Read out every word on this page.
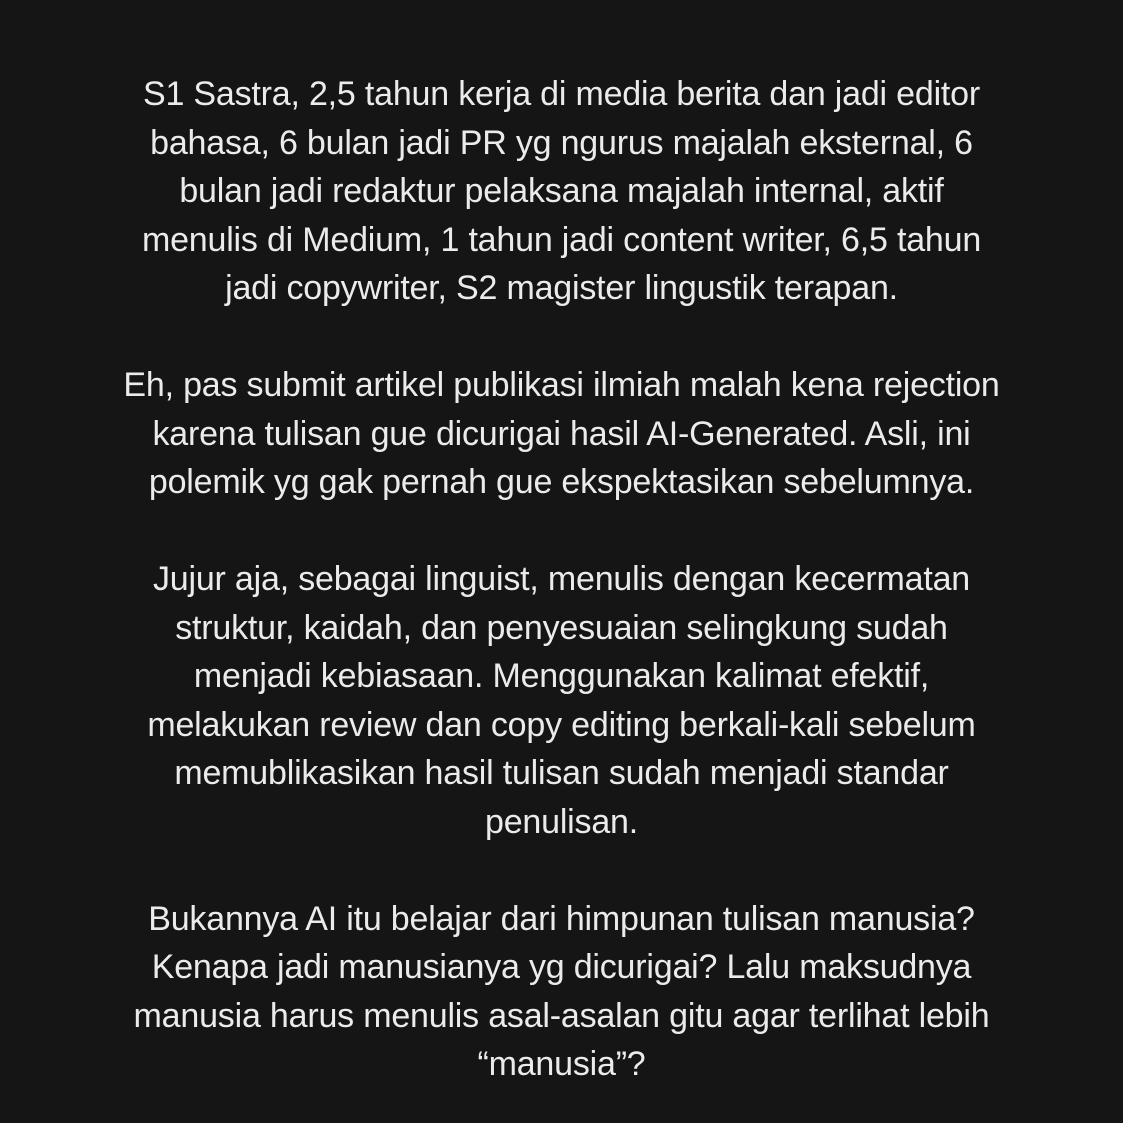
S1 Sastra, 2,5 tahun kerja di media berita dan jadi editor
bahasa, 6 bulan jadi PR yg ngurus majalah eksternal, 6
bulan jadi redaktur pelaksana majalah internal, aktif
menulis di Medium, 1 tahun jadi content writer, 6,5 tahun
jadi copywriter, S2 magister lingustik terapan.

Eh, pas submit artikel publikasi ilmiah malah kena rejection
karena tulisan gue dicurigai hasil AI-Generated. Asli, ini
polemik yg gak pernah gue ekspektasikan sebelumnya.

Jujur aja, sebagai linguist, menulis dengan kecermatan
struktur, kaidah, dan penyesuaian selingkung sudah
menjadi kebiasaan. Menggunakan kalimat efektif,
melakukan review dan copy editing berkali-kali sebelum
memublikasikan hasil tulisan sudah menjadi standar
penulisan.

Bukannya AI itu belajar dari himpunan tulisan manusia?
Kenapa jadi manusianya yg dicurigai? Lalu maksudnya
manusia harus menulis asal-asalan gitu agar terlihat lebih
“manusia”?
